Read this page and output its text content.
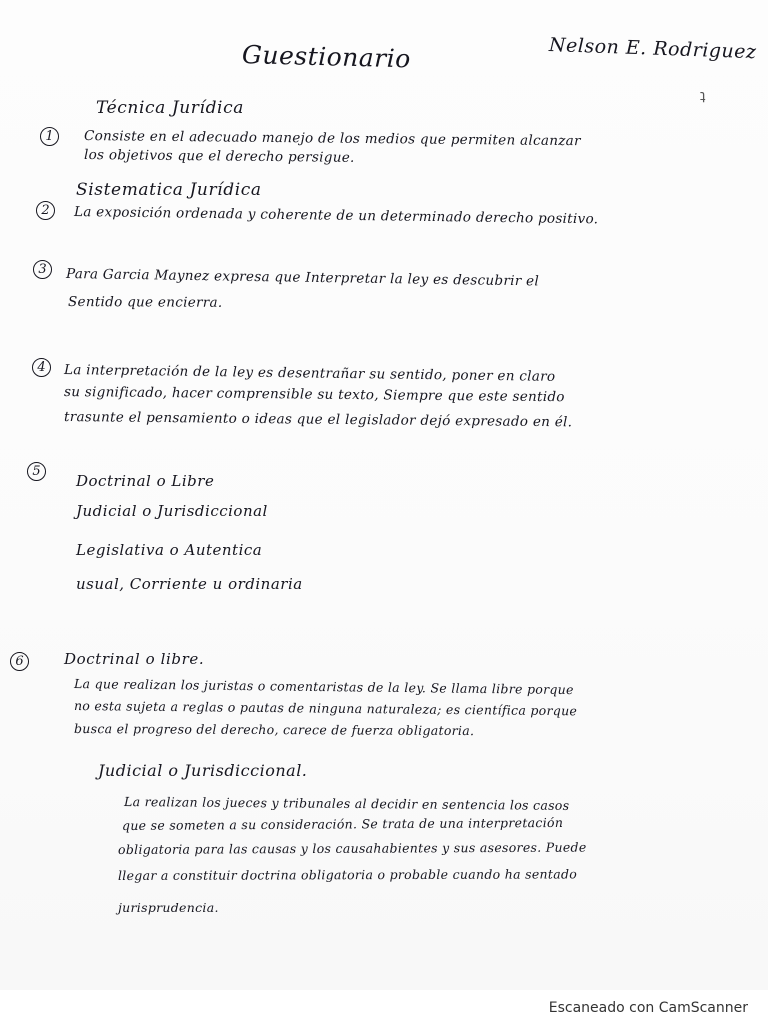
Guestionario	Nelson E. Rodriguez
ʇ
Técnica Jurídica
1	Consiste en el adecuado manejo de los medios que permiten alcanzar
los objetivos que el derecho persigue.
Sistematica Jurídica
2	La exposición ordenada y coherente de un determinado derecho positivo.
3	Para Garcia Maynez expresa que Interpretar la ley es descubrir el
Sentido que encierra.
4	La interpretación de la ley es desentrañar su sentido, poner en claro
su significado, hacer comprensible su texto, Siempre que este sentido
trasunte el pensamiento o ideas que el legislador dejó expresado en él.
5
Doctrinal o Libre
Judicial o Jurisdiccional
Legislativa o Autentica
usual, Corriente u ordinaria
6	Doctrinal o libre.
La que realizan los juristas o comentaristas de la ley. Se llama libre porque
no esta sujeta a reglas o pautas de ninguna naturaleza; es científica porque
busca el progreso del derecho, carece de fuerza obligatoria.
Judicial o Jurisdiccional.
La realizan los jueces y tribunales al decidir en sentencia los casos
que se someten a su consideración. Se trata de una interpretación
obligatoria para las causas y los causahabientes y sus asesores. Puede
llegar a constituir doctrina obligatoria o probable cuando ha sentado
jurisprudencia.
Escaneado con CamScanner
